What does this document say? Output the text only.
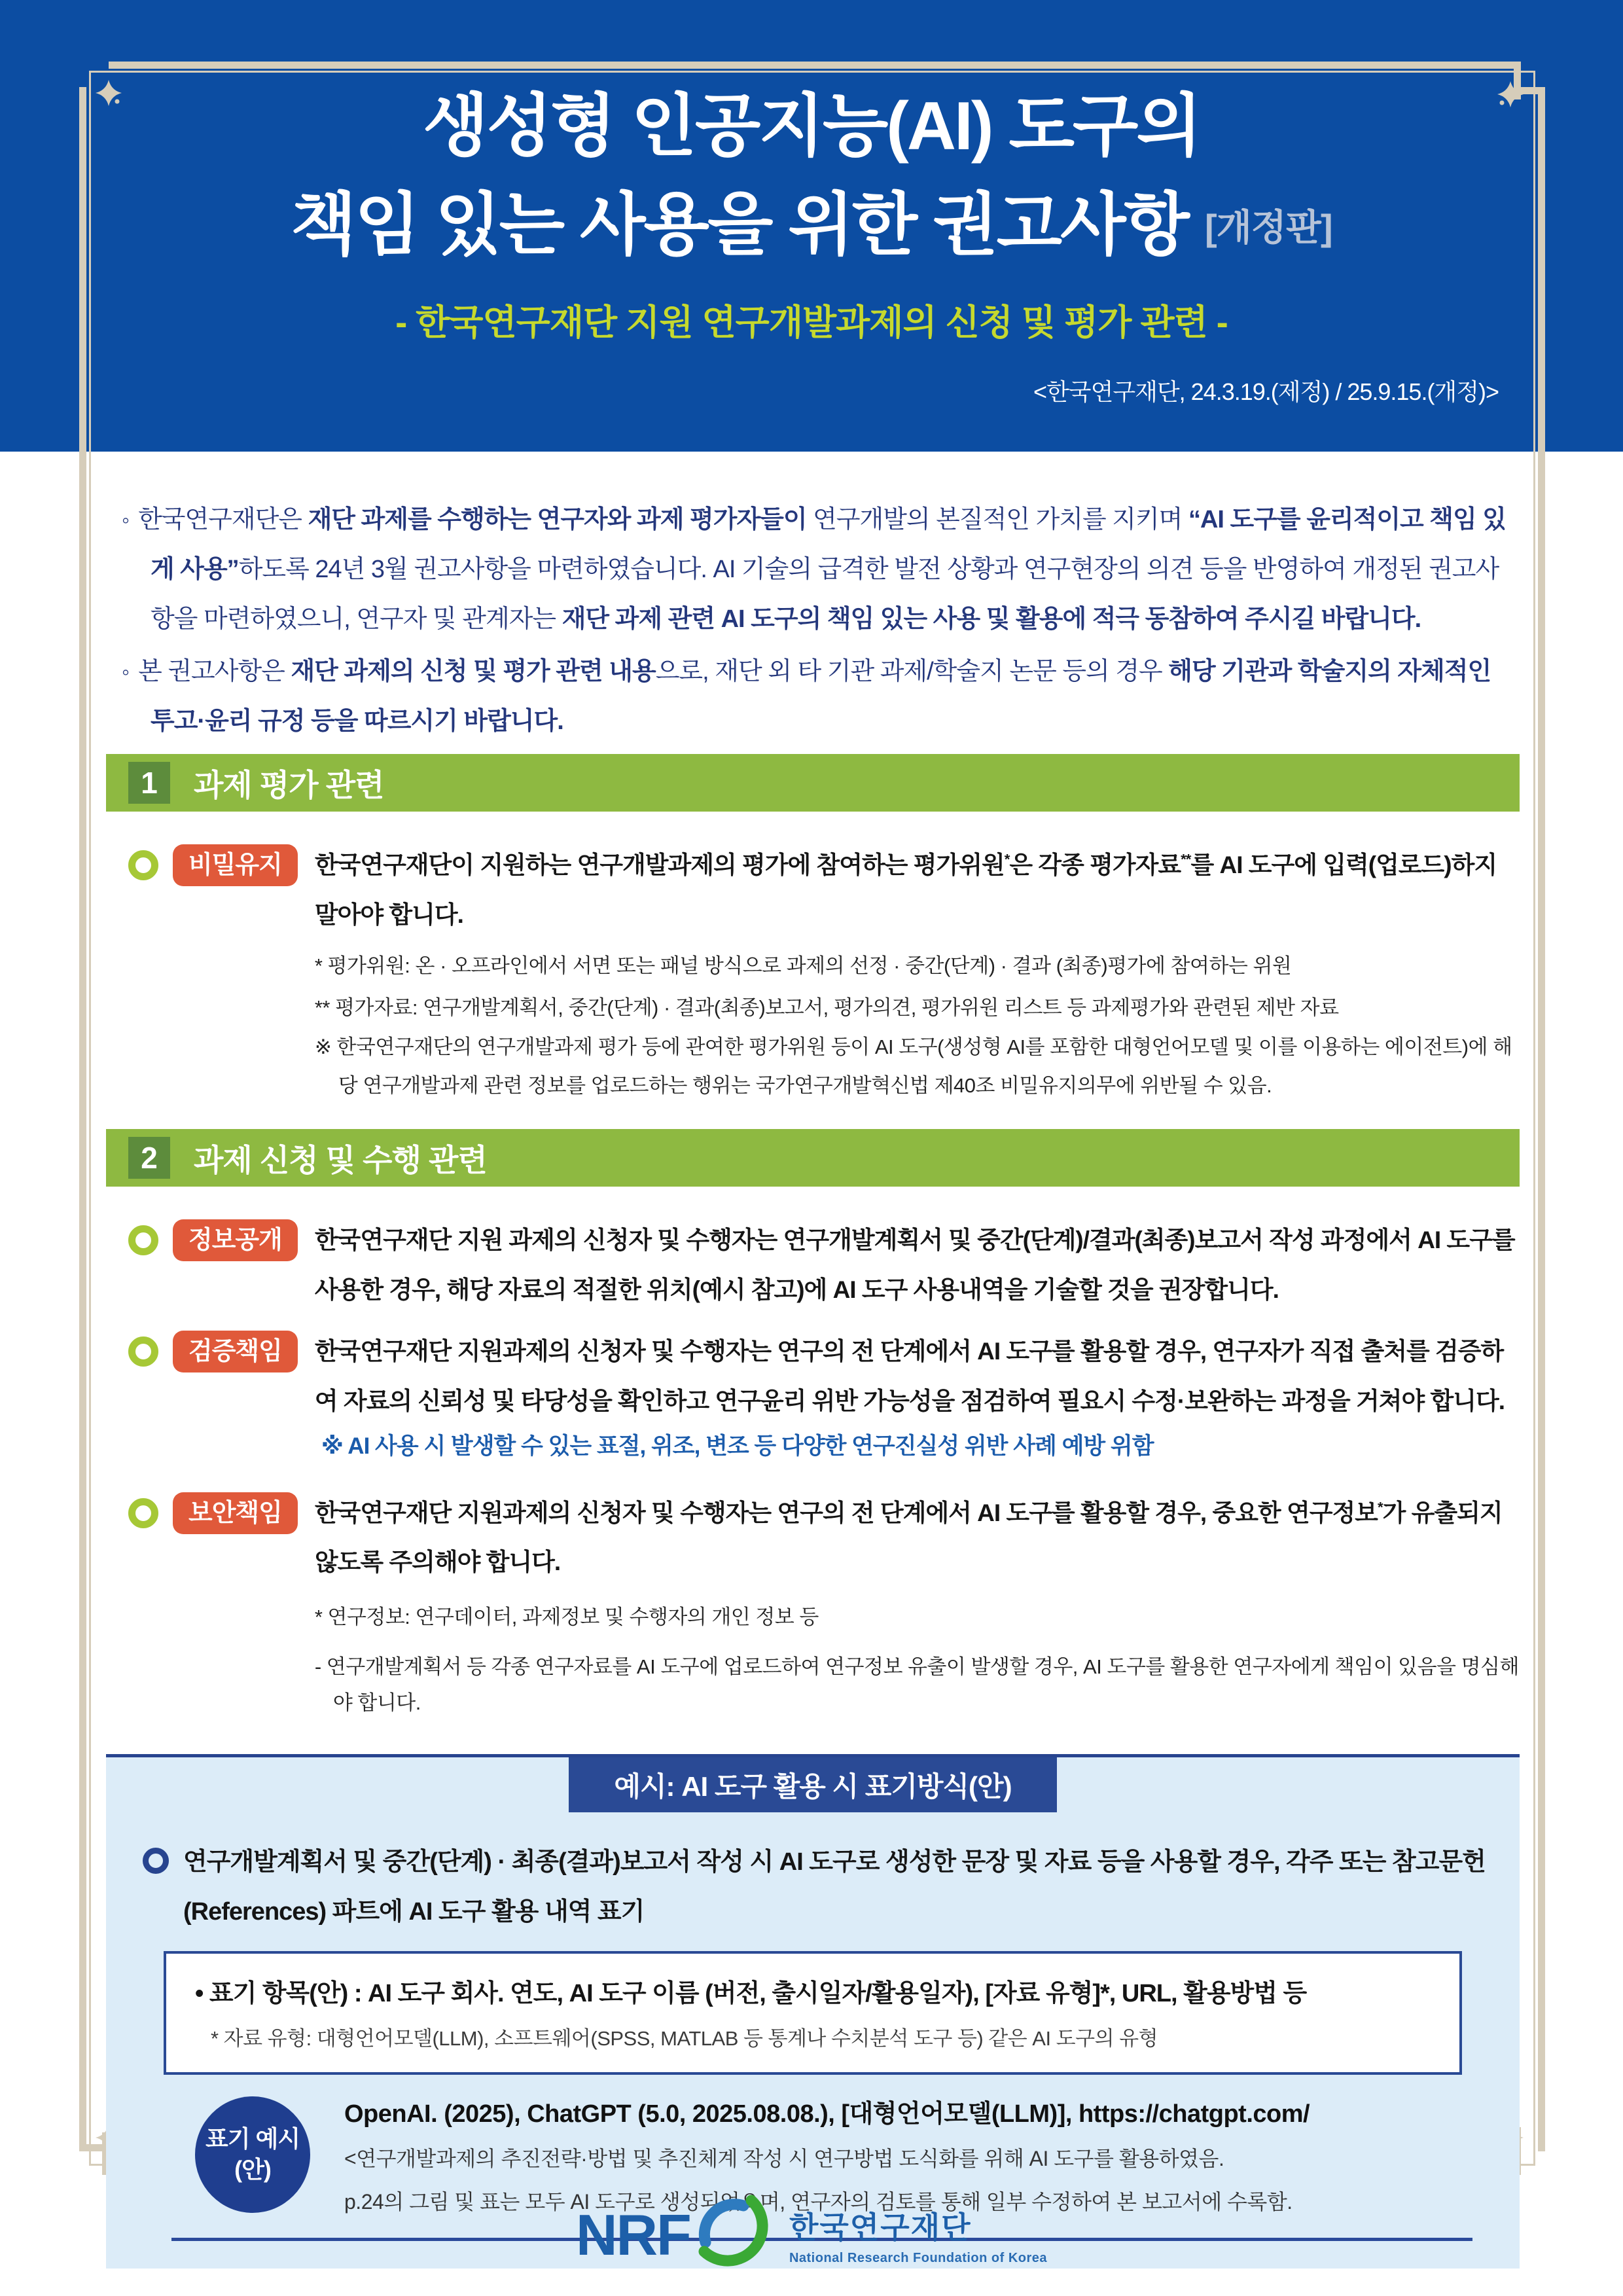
생성형 인공지능(AI) 도구의
책임 있는 사용을 위한 권고사항 [개정판]
- 한국연구재단 지원 연구개발과제의 신청 및 평가 관련 -
<한국연구재단, 24.3.19.(제정) / 25.9.15.(개정)>

◦ 한국연구재단은 재단 과제를 수행하는 연구자와 과제 평가자들이 연구개발의 본질적인 가치를 지키며 “AI 도구를 윤리적이고 책임 있게 사용”하도록 24년 3월 권고사항을 마련하였습니다. AI 기술의 급격한 발전 상황과 연구현장의 의견 등을 반영하여 개정된 권고사항을 마련하였으니, 연구자 및 관계자는 재단 과제 관련 AI 도구의 책임 있는 사용 및 활용에 적극 동참하여 주시길 바랍니다.

◦ 본 권고사항은 재단 과제의 신청 및 평가 관련 내용으로, 재단 외 타 기관 과제/학술지 논문 등의 경우 해당 기관과 학술지의 자체적인 투고·윤리 규정 등을 따르시기 바랍니다.

1	과제 평가 관련
비밀유지	한국연구재단이 지원하는 연구개발과제의 평가에 참여하는 평가위원*은 각종 평가자료**를 AI 도구에 입력(업로드)하지 말아야 합니다.

* 평가위원: 온 · 오프라인에서 서면 또는 패널 방식으로 과제의 선정 · 중간(단계) · 결과 (최종)평가에 참여하는 위원

** 평가자료: 연구개발계획서, 중간(단계) · 결과(최종)보고서, 평가의견, 평가위원 리스트 등 과제평가와 관련된 제반 자료

※ 한국연구재단의 연구개발과제 평가 등에 관여한 평가위원 등이 AI 도구(생성형 AI를 포함한 대형언어모델 및 이를 이용하는 에이전트)에 해당 연구개발과제 관련 정보를 업로드하는 행위는 국가연구개발혁신법 제40조 비밀유지의무에 위반될 수 있음.

2	과제 신청 및 수행 관련
정보공개	한국연구재단 지원 과제의 신청자 및 수행자는 연구개발계획서 및 중간(단계)/결과(최종)보고서 작성 과정에서 AI 도구를 사용한 경우, 해당 자료의 적절한 위치(예시 참고)에 AI 도구 사용내역을 기술할 것을 권장합니다.

검증책임	한국연구재단 지원과제의 신청자 및 수행자는 연구의 전 단계에서 AI 도구를 활용할 경우, 연구자가 직접 출처를 검증하여 자료의 신뢰성 및 타당성을 확인하고 연구윤리 위반 가능성을 점검하여 필요시 수정·보완하는 과정을 거쳐야 합니다.

※ AI 사용 시 발생할 수 있는 표절, 위조, 변조 등 다양한 연구진실성 위반 사례 예방 위함

보안책임	한국연구재단 지원과제의 신청자 및 수행자는 연구의 전 단계에서 AI 도구를 활용할 경우, 중요한 연구정보*가 유출되지 않도록 주의해야 합니다.

* 연구정보: 연구데이터, 과제정보 및 수행자의 개인 정보 등

- 연구개발계획서 등 각종 연구자료를 AI 도구에 업로드하여 연구정보 유출이 발생할 경우, AI 도구를 활용한 연구자에게 책임이 있음을 명심해야 합니다.

예시: AI 도구 활용 시 표기방식(안)
연구개발계획서 및 중간(단계) · 최종(결과)보고서 작성 시 AI 도구로 생성한 문장 및 자료 등을 사용할 경우, 각주 또는 참고문헌 (References) 파트에 AI 도구 활용 내역 표기

• 표기 항목(안) : AI 도구 회사. 연도, AI 도구 이름 (버전, 출시일자/활용일자), [자료 유형]*, URL, 활용방법 등

* 자료 유형: 대형언어모델(LLM), 소프트웨어(SPSS, MATLAB 등 통계나 수치분석 도구 등) 같은 AI 도구의 유형

표기 예시
(안)

OpenAI. (2025), ChatGPT (5.0, 2025.08.08.), [대형언어모델(LLM)], https://chatgpt.com/

<연구개발과제의 추진전략·방법 및 추진체계 작성 시 연구방법 도식화를 위해 AI 도구를 활용하였음.

p.24의 그림 및 표는 모두 AI 도구로 생성되었으며, 연구자의 검토를 통해 일부 수정하여 본 보고서에 수록함.

NRF	한국연구재단
National Research Foundation of Korea
